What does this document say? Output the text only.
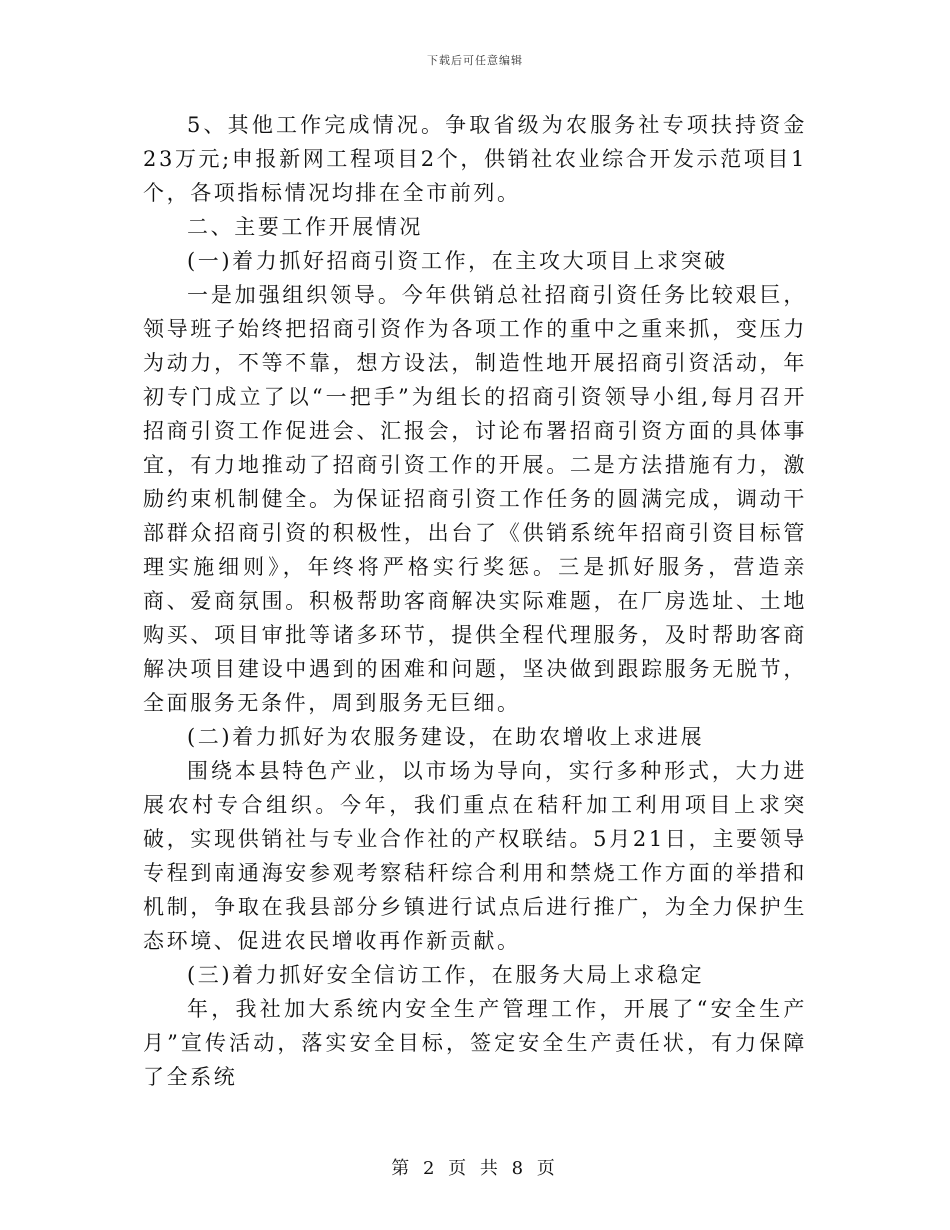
下载后可任意编辑

5、其他工作完成情况。争取省级为农服务社专项扶持资金23万元;申报新网工程项目2个，供销社农业综合开发示范项目1个，各项指标情况均排在全市前列。

二、主要工作开展情况

(一)着力抓好招商引资工作，在主攻大项目上求突破

一是加强组织领导。今年供销总社招商引资任务比较艰巨，领导班子始终把招商引资作为各项工作的重中之重来抓，变压力为动力，不等不靠，想方设法，制造性地开展招商引资活动，年初专门成立了以“一把手”为组长的招商引资领导小组,每月召开招商引资工作促进会、汇报会，讨论布署招商引资方面的具体事宜，有力地推动了招商引资工作的开展。二是方法措施有力，激励约束机制健全。为保证招商引资工作任务的圆满完成，调动干部群众招商引资的积极性，出台了《供销系统年招商引资目标管理实施细则》，年终将严格实行奖惩。三是抓好服务，营造亲商、爱商氛围。积极帮助客商解决实际难题，在厂房选址、土地购买、项目审批等诸多环节，提供全程代理服务，及时帮助客商解决项目建设中遇到的困难和问题，坚决做到跟踪服务无脱节，全面服务无条件，周到服务无巨细。

(二)着力抓好为农服务建设，在助农增收上求进展

围绕本县特色产业，以市场为导向，实行多种形式，大力进展农村专合组织。今年，我们重点在秸秆加工利用项目上求突破，实现供销社与专业合作社的产权联结。5月21日，主要领导专程到南通海安参观考察秸秆综合利用和禁烧工作方面的举措和机制，争取在我县部分乡镇进行试点后进行推广，为全力保护生态环境、促进农民增收再作新贡献。

(三)着力抓好安全信访工作，在服务大局上求稳定

年，我社加大系统内安全生产管理工作，开展了“安全生产月”宣传活动，落实安全目标，签定安全生产责任状，有力保障了全系统

第 2 页 共 8 页
